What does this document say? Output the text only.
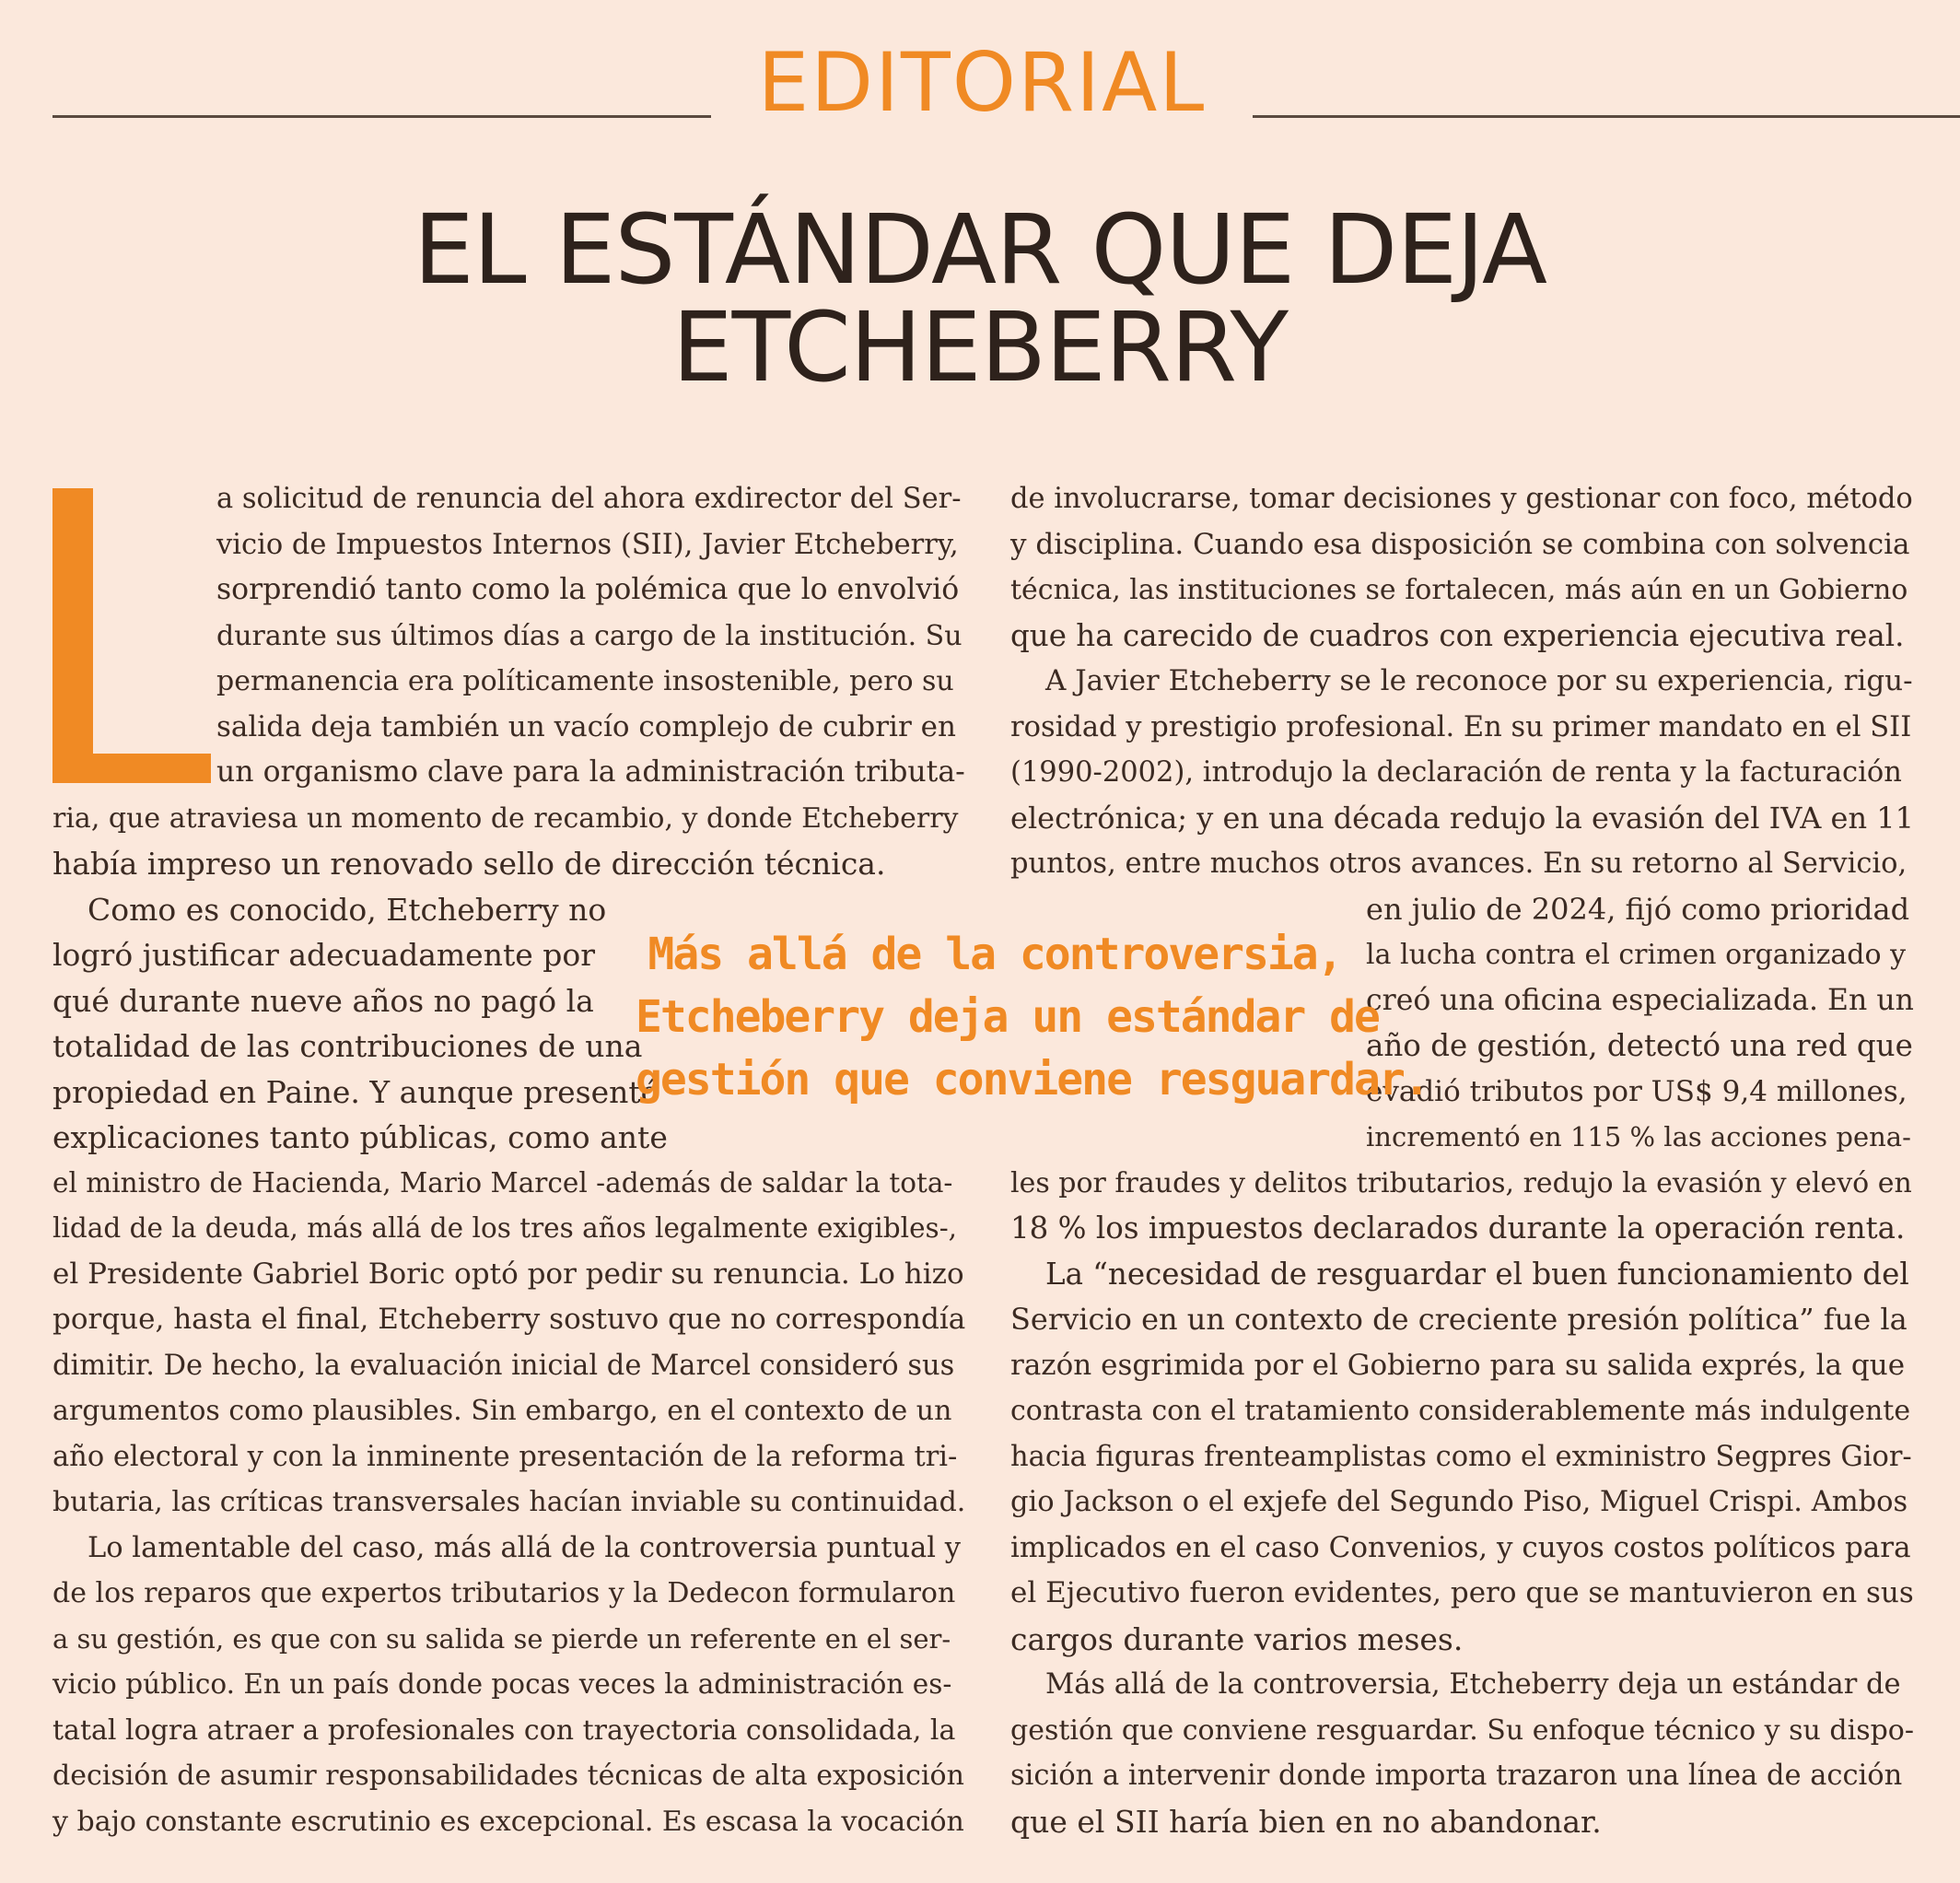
EDITORIAL
EL ESTÁNDAR QUE DEJA
ETCHEBERRY
a solicitud de renuncia del ahora exdirector del Ser-
vicio de Impuestos Internos (SII), Javier Etcheberry,
sorprendió tanto como la polémica que lo envolvió
durante sus últimos días a cargo de la institución. Su
permanencia era políticamente insostenible, pero su
salida deja también un vacío complejo de cubrir en
un organismo clave para la administración tributa-
ria, que atraviesa un momento de recambio, y donde Etcheberry
había impreso un renovado sello de dirección técnica.
Como es conocido, Etcheberry no
logró justificar adecuadamente por
qué durante nueve años no pagó la
totalidad de las contribuciones de una
propiedad en Paine. Y aunque presentó
explicaciones tanto públicas, como ante
el ministro de Hacienda, Mario Marcel -además de saldar la tota-
lidad de la deuda, más allá de los tres años legalmente exigibles-,
el Presidente Gabriel Boric optó por pedir su renuncia. Lo hizo
porque, hasta el final, Etcheberry sostuvo que no correspondía
dimitir. De hecho, la evaluación inicial de Marcel consideró sus
argumentos como plausibles. Sin embargo, en el contexto de un
año electoral y con la inminente presentación de la reforma tri-
butaria, las críticas transversales hacían inviable su continuidad.
Lo lamentable del caso, más allá de la controversia puntual y
de los reparos que expertos tributarios y la Dedecon formularon
a su gestión, es que con su salida se pierde un referente en el ser-
vicio público. En un país donde pocas veces la administración es-
tatal logra atraer a profesionales con trayectoria consolidada, la
decisión de asumir responsabilidades técnicas de alta exposición
y bajo constante escrutinio es excepcional. Es escasa la vocación
de involucrarse, tomar decisiones y gestionar con foco, método
y disciplina. Cuando esa disposición se combina con solvencia
técnica, las instituciones se fortalecen, más aún en un Gobierno
que ha carecido de cuadros con experiencia ejecutiva real.
A Javier Etcheberry se le reconoce por su experiencia, rigu-
rosidad y prestigio profesional. En su primer mandato en el SII
(1990-2002), introdujo la declaración de renta y la facturación
electrónica; y en una década redujo la evasión del IVA en 11
puntos, entre muchos otros avances. En su retorno al Servicio,
en julio de 2024, fijó como prioridad
la lucha contra el crimen organizado y
creó una oficina especializada. En un
año de gestión, detectó una red que
evadió tributos por US$ 9,4 millones,
incrementó en 115 % las acciones pena-
les por fraudes y delitos tributarios, redujo la evasión y elevó en
18 % los impuestos declarados durante la operación renta.
La “necesidad de resguardar el buen funcionamiento del
Servicio en un contexto de creciente presión política” fue la
razón esgrimida por el Gobierno para su salida exprés, la que
contrasta con el tratamiento considerablemente más indulgente
hacia figuras frenteamplistas como el exministro Segpres Gior-
gio Jackson o el exjefe del Segundo Piso, Miguel Crispi. Ambos
implicados en el caso Convenios, y cuyos costos políticos para
el Ejecutivo fueron evidentes, pero que se mantuvieron en sus
cargos durante varios meses.
Más allá de la controversia, Etcheberry deja un estándar de
gestión que conviene resguardar. Su enfoque técnico y su dispo-
sición a intervenir donde importa trazaron una línea de acción
que el SII haría bien en no abandonar.
Más allá de la controversia,
Etcheberry deja un estándar de
gestión que conviene resguardar.
